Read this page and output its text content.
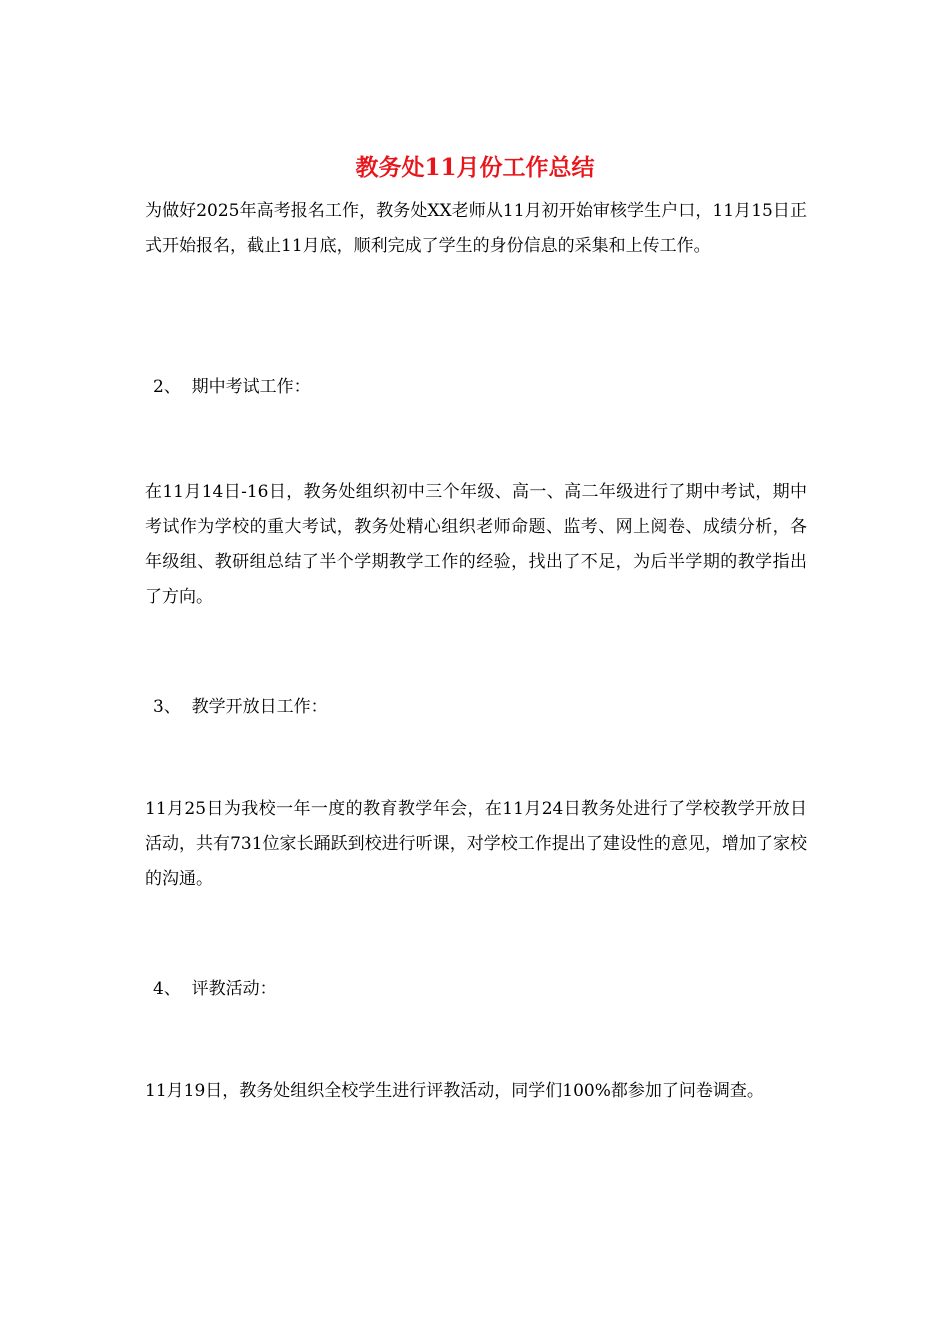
教务处11月份工作总结
为做好2025年高考报名工作，教务处XX老师从11月初开始审核学生户口，11月15日正式开始报名，截止11月底，顺利完成了学生的身份信息的采集和上传工作。
2、  期中考试工作：
在11月14日-16日，教务处组织初中三个年级、高一、高二年级进行了期中考试，期中考试作为学校的重大考试，教务处精心组织老师命题、监考、网上阅卷、成绩分析，各年级组、教研组总结了半个学期教学工作的经验，找出了不足，为后半学期的教学指出了方向。
3、  教学开放日工作：
11月25日为我校一年一度的教育教学年会，在11月24日教务处进行了学校教学开放日活动，共有731位家长踊跃到校进行听课，对学校工作提出了建设性的意见，增加了家校的沟通。
4、  评教活动：
11月19日，教务处组织全校学生进行评教活动，同学们100%都参加了问卷调查。
